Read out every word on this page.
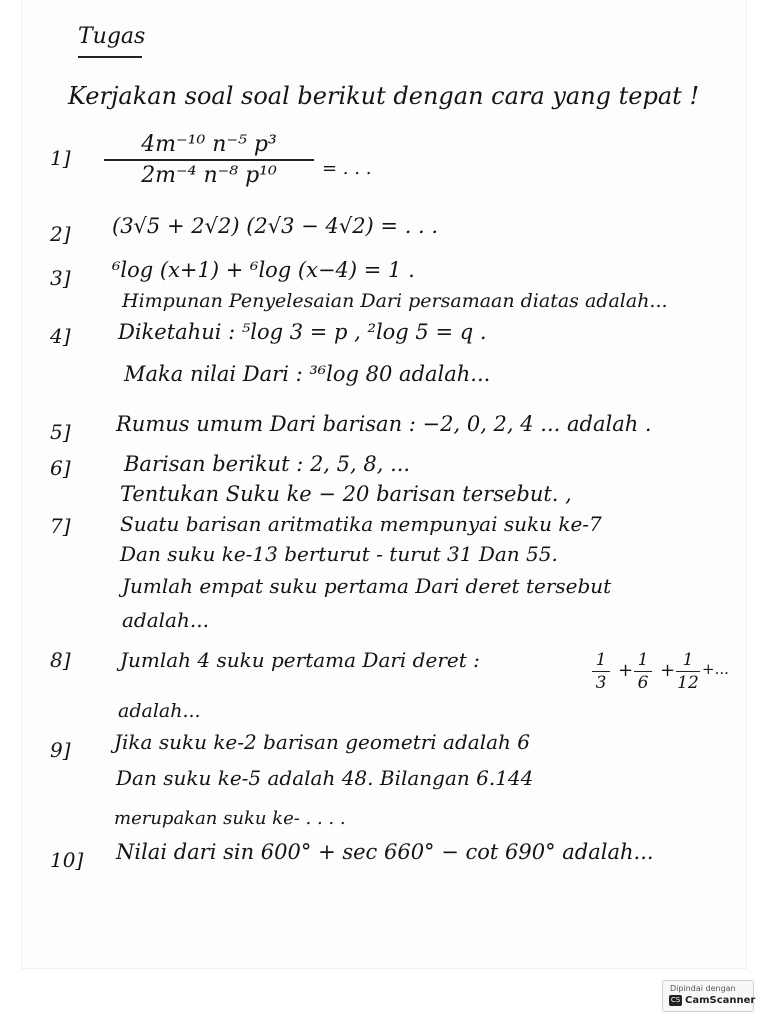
Tugas
Kerjakan soal soal berikut dengan cara yang tepat !
1]
4m⁻¹⁰ n⁻⁵ p³
2m⁻⁴ n⁻⁸ p¹⁰	= . . .
2] (3√5 + 2√2) (2√3 − 4√2) = . . .
3] ⁶log (x+1) + ⁶log (x−4) = 1 .
Himpunan Penyelesaian Dari persamaan diatas adalah...
4] Diketahui : ⁵log 3 = p , ²log 5 = q .
Maka nilai Dari : ³⁶log 80 adalah...
5] Rumus umum Dari barisan : −2, 0, 2, 4 ... adalah .
6]	Barisan berikut : 2, 5, 8, ...
Tentukan Suku ke − 20 barisan tersebut. ,
7] Suatu barisan aritmatika mempunyai suku ke-7
Dan suku ke-13 berturut - turut 31 Dan 55.
Jumlah empat suku pertama Dari deret tersebut
adalah...
8] Jumlah 4 suku pertama Dari deret :	1
3
+ 1
6
+ 1
12
+...
adalah...
9] Jika suku ke-2 barisan geometri adalah 6
Dan suku ke-5 adalah 48. Bilangan 6.144
merupakan suku ke- . . . .
10] Nilai dari sin 600° + sec 660° − cot 690° adalah...
Dipindai dengan
CS CamScanner
